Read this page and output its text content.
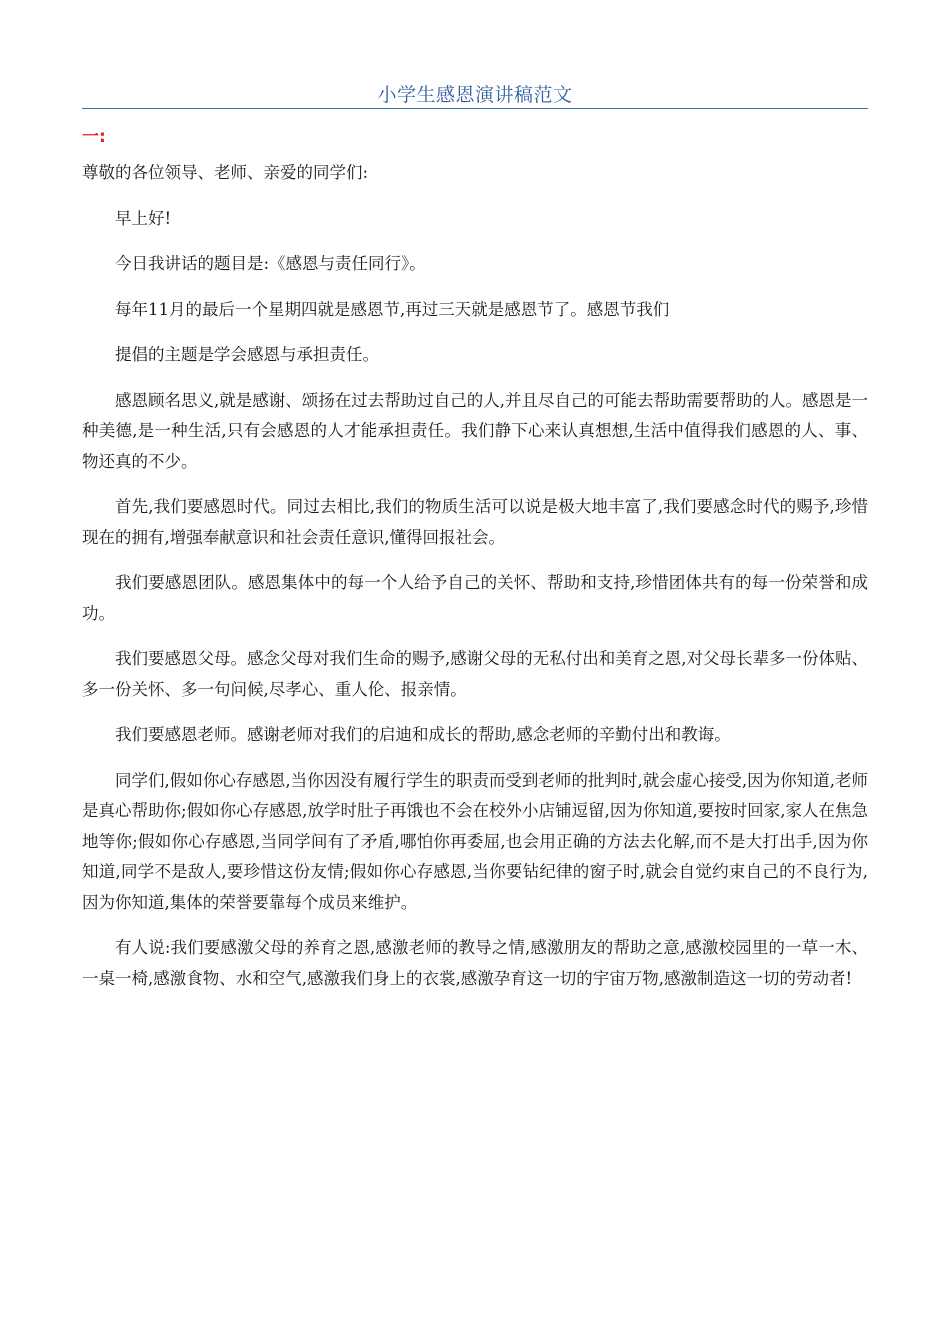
小学生感恩演讲稿范文
一:

尊敬的各位领导、老师、亲爱的同学们:

早上好!

今日我讲话的题目是:《感恩与责任同行》。

每年11月的最后一个星期四就是感恩节,再过三天就是感恩节了。感恩节我们

提倡的主题是学会感恩与承担责任。

感恩顾名思义,就是感谢、颂扬在过去帮助过自己的人,并且尽自己的可能去帮助需要帮助的人。感恩是一种美德,是一种生活,只有会感恩的人才能承担责任。我们静下心来认真想想,生活中值得我们感恩的人、事、物还真的不少。

首先,我们要感恩时代。同过去相比,我们的物质生活可以说是极大地丰富了,我们要感念时代的赐予,珍惜现在的拥有,增强奉献意识和社会责任意识,懂得回报社会。

我们要感恩团队。感恩集体中的每一个人给予自己的关怀、帮助和支持,珍惜团体共有的每一份荣誉和成功。

我们要感恩父母。感念父母对我们生命的赐予,感谢父母的无私付出和美育之恩,对父母长辈多一份体贴、多一份关怀、多一句问候,尽孝心、重人伦、报亲情。

我们要感恩老师。感谢老师对我们的启迪和成长的帮助,感念老师的辛勤付出和教诲。

同学们,假如你心存感恩,当你因没有履行学生的职责而受到老师的批判时,就会虚心接受,因为你知道,老师是真心帮助你;假如你心存感恩,放学时肚子再饿也不会在校外小店铺逗留,因为你知道,要按时回家,家人在焦急地等你;假如你心存感恩,当同学间有了矛盾,哪怕你再委屈,也会用正确的方法去化解,而不是大打出手,因为你知道,同学不是敌人,要珍惜这份友情;假如你心存感恩,当你要钻纪律的窗子时,就会自觉约束自己的不良行为,因为你知道,集体的荣誉要靠每个成员来维护。

有人说:我们要感激父母的养育之恩,感激老师的教导之情,感激朋友的帮助之意,感激校园里的一草一木、一桌一椅,感激食物、水和空气,感激我们身上的衣裳,感激孕育这一切的宇宙万物,感激制造这一切的劳动者!
